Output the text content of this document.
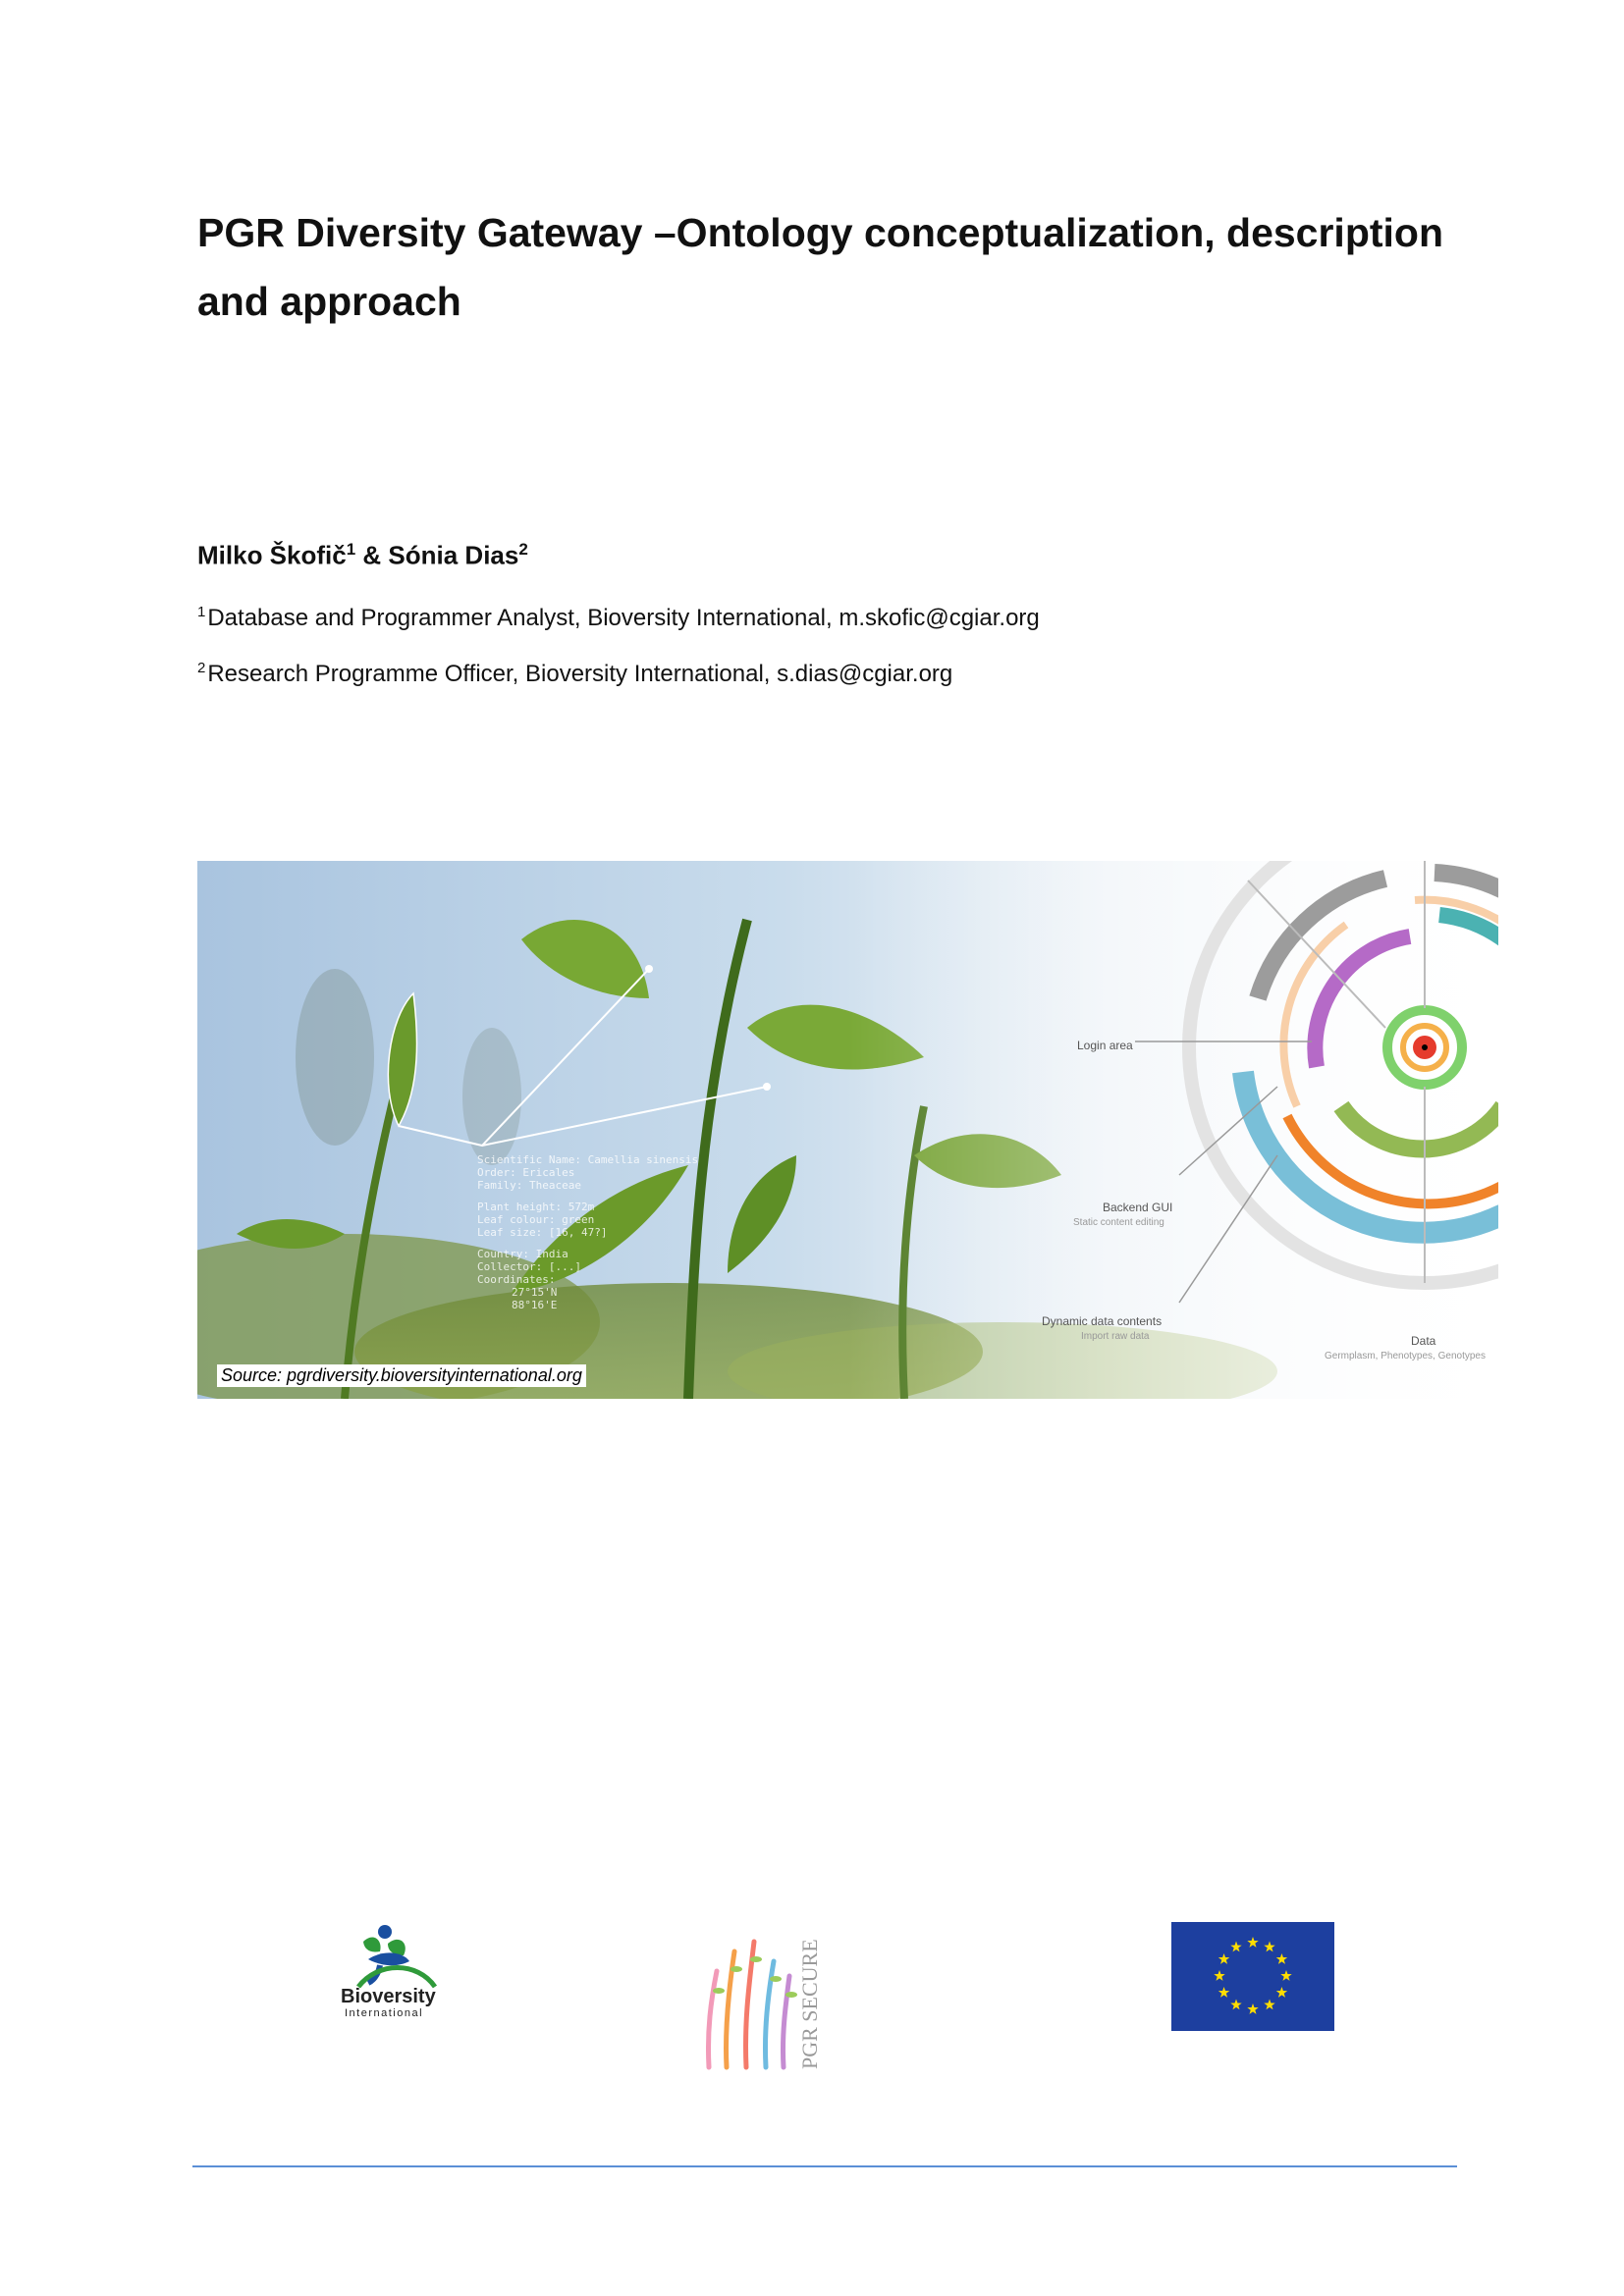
PGR Diversity Gateway –Ontology conceptualization, description and approach
Milko Škofič$^1$ & Sónia Dias$^2$
$^1$Database and Programmer Analyst, Bioversity International, m.skofic@cgiar.org
$^2$Research Programme Officer, Bioversity International, s.dias@cgiar.org
Login area
Backend GUI
Static content editing
Dynamic data contents
Import raw data	Data
Germplasm, Phenotypes, Genotypes
Source: pgrdiversity.bioversityinternational.org
Bioversity
International	PGR SECURE
